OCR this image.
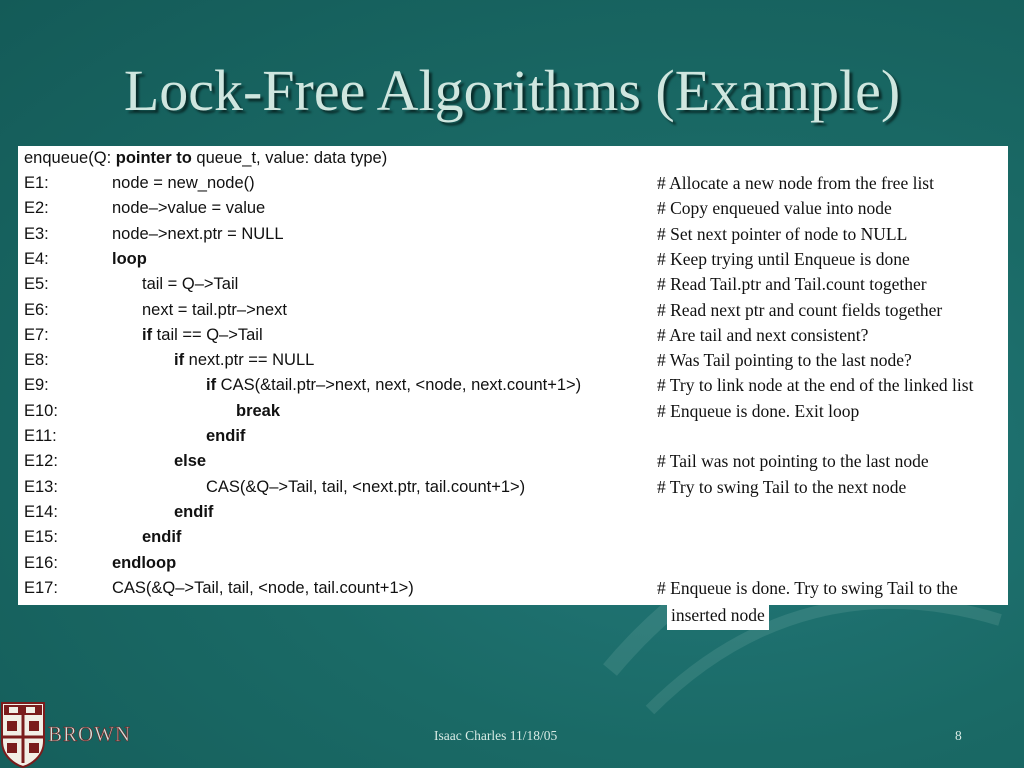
Lock-Free Algorithms (Example)
enqueue(Q: pointer to queue_t, value: data type)
E1:	node = new_node()	# Allocate a new node from the free list
E2:	node–>value = value	# Copy enqueued value into node
E3:	node–>next.ptr = NULL	# Set next pointer of node to NULL
E4:	loop	# Keep trying until Enqueue is done
E5:	tail = Q–>Tail	# Read Tail.ptr and Tail.count together
E6:	next = tail.ptr–>next	# Read next ptr and count fields together
E7:	if tail == Q–>Tail	# Are tail and next consistent?
E8:	if next.ptr == NULL	# Was Tail pointing to the last node?
E9:	if CAS(&tail.ptr–>next, next, <node, next.count+1>)	# Try to link node at the end of the linked list
E10:	break	# Enqueue is done. Exit loop
E11:	endif
E12:	else	# Tail was not pointing to the last node
E13:	CAS(&Q–>Tail, tail, <next.ptr, tail.count+1>)	# Try to swing Tail to the next node
E14:	endif
E15:	endif
E16:	endloop
E17:	CAS(&Q–>Tail, tail, <node, tail.count+1>)	# Enqueue is done. Try to swing Tail to the
inserted node
BROWN	Isaac Charles 11/18/05	8
